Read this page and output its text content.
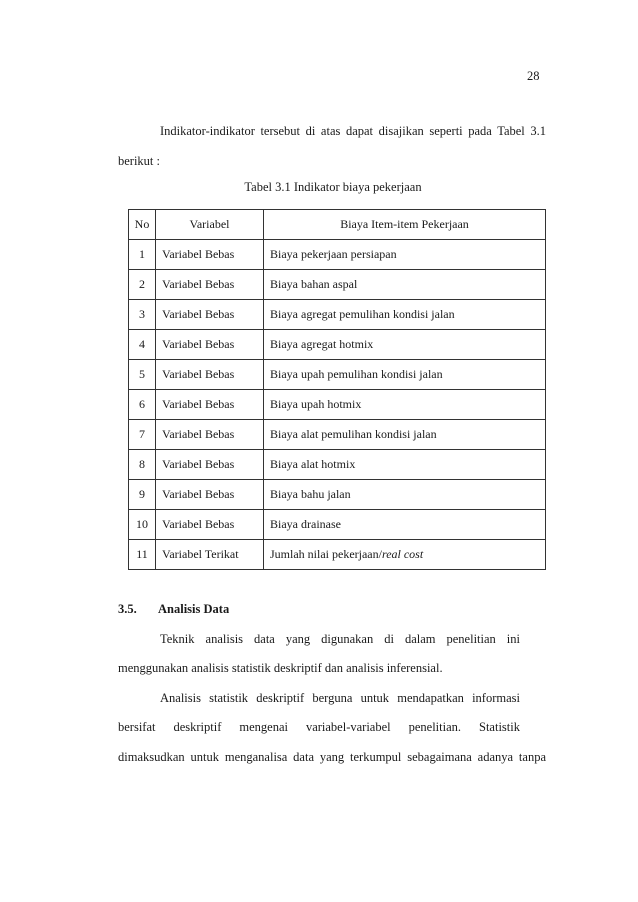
28
Indikator-indikator tersebut di atas dapat disajikan seperti pada Tabel 3.1
berikut :
Tabel 3.1 Indikator biaya pekerjaan
No	Variabel	Biaya Item-item Pekerjaan
1	Variabel Bebas	Biaya pekerjaan persiapan
2	Variabel Bebas	Biaya bahan aspal
3	Variabel Bebas	Biaya agregat pemulihan kondisi jalan
4	Variabel Bebas	Biaya agregat hotmix
5	Variabel Bebas	Biaya upah pemulihan kondisi jalan
6	Variabel Bebas	Biaya upah hotmix
7	Variabel Bebas	Biaya alat pemulihan kondisi jalan
8	Variabel Bebas	Biaya alat hotmix
9	Variabel Bebas	Biaya bahu jalan
10	Variabel Bebas	Biaya drainase
11	Variabel Terikat	Jumlah nilai pekerjaan/real cost
3.5. Analisis Data
Teknik analisis data yang digunakan di dalam penelitian ini
menggunakan analisis statistik deskriptif dan analisis inferensial.
Analisis statistik deskriptif berguna untuk mendapatkan informasi
bersifat deskriptif mengenai variabel-variabel penelitian. Statistik
dimaksudkan untuk menganalisa data yang terkumpul sebagaimana adanya tanpa
